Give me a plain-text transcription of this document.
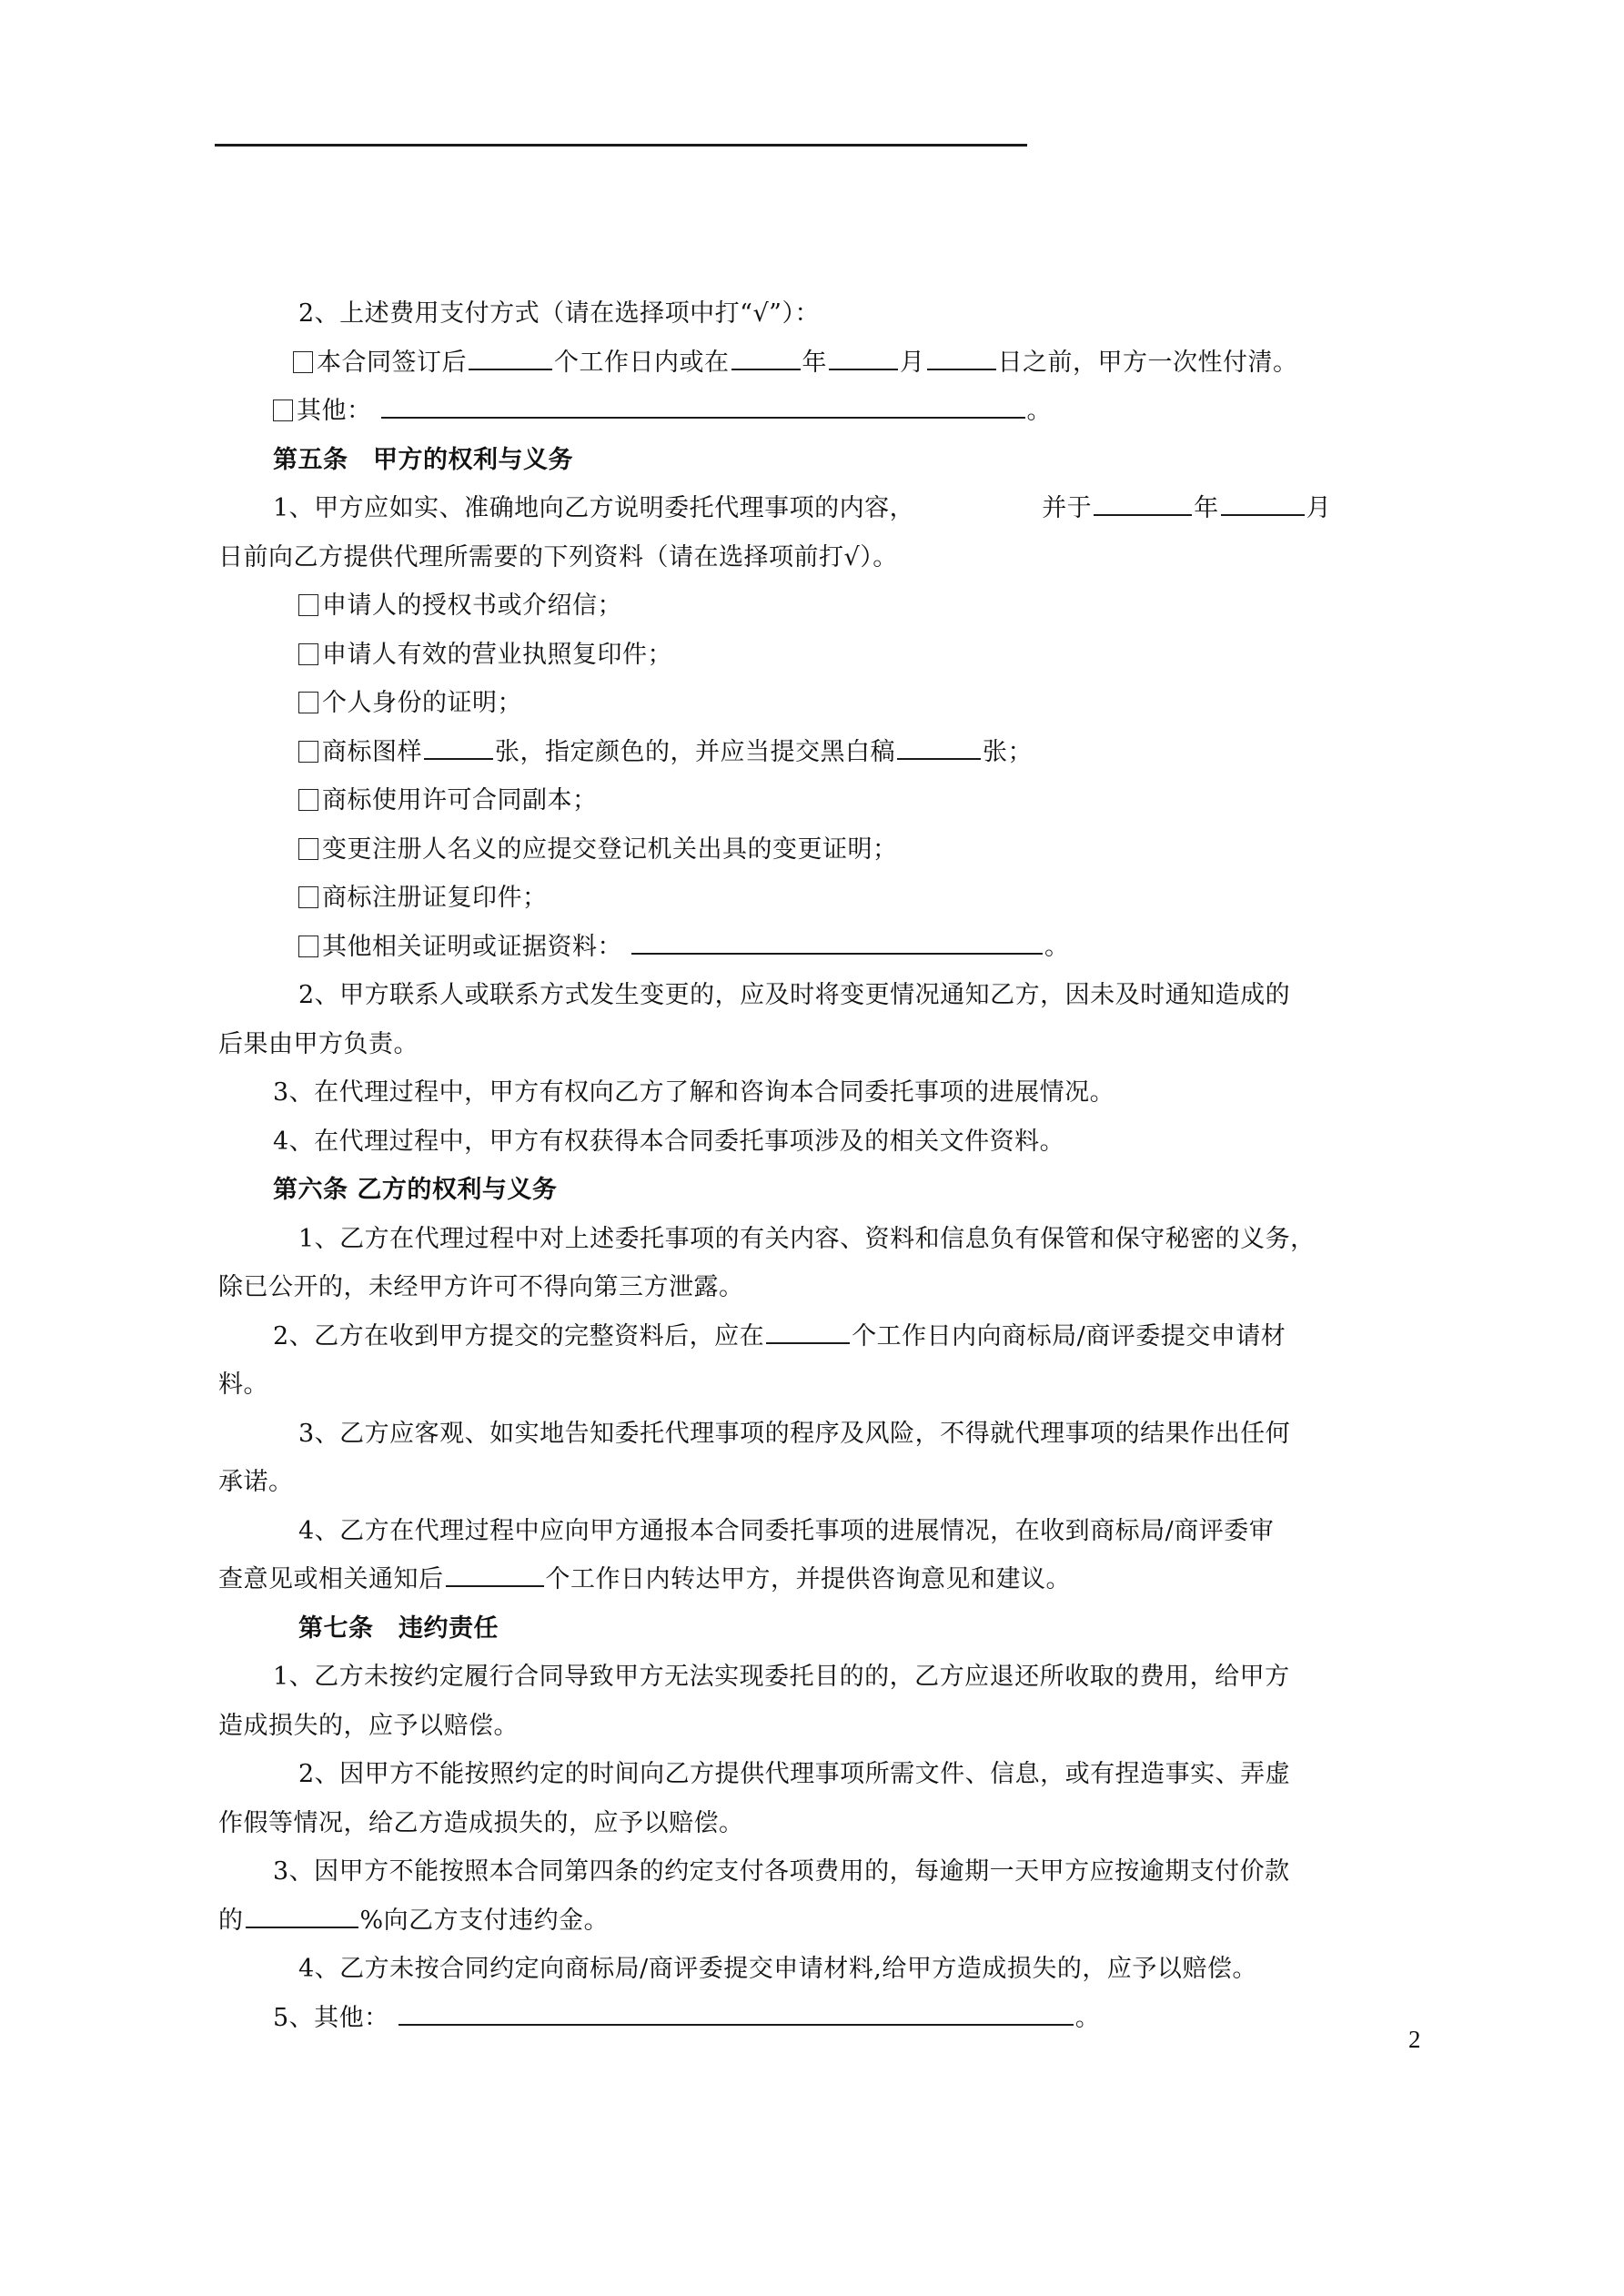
2、上述费用支付方式（请在选择项中打“√”）：
本合同签订后	个工作日内或在	年	月	日之前，甲方一次性付清。
其他：	。
第五条　甲方的权利与义务
1、甲方应如实、准确地向乙方说明委托代理事项的内容，	并于	年	月
日前向乙方提供代理所需要的下列资料（请在选择项前打√）。
申请人的授权书或介绍信；
申请人有效的营业执照复印件；
个人身份的证明；
商标图样	张，指定颜色的，并应当提交黑白稿	张；
商标使用许可合同副本；
变更注册人名义的应提交登记机关出具的变更证明；
商标注册证复印件；
其他相关证明或证据资料：	。
2、甲方联系人或联系方式发生变更的，应及时将变更情况通知乙方，因未及时通知造成的
后果由甲方负责。
3、在代理过程中，甲方有权向乙方了解和咨询本合同委托事项的进展情况。
4、在代理过程中，甲方有权获得本合同委托事项涉及的相关文件资料。
第六条 乙方的权利与义务
1、乙方在代理过程中对上述委托事项的有关内容、资料和信息负有保管和保守秘密的义务，
除已公开的，未经甲方许可不得向第三方泄露。
2、乙方在收到甲方提交的完整资料后，应在	个工作日内向商标局/商评委提交申请材
料。
3、乙方应客观、如实地告知委托代理事项的程序及风险，不得就代理事项的结果作出任何
承诺。
4、乙方在代理过程中应向甲方通报本合同委托事项的进展情况，在收到商标局/商评委审
查意见或相关通知后	个工作日内转达甲方，并提供咨询意见和建议。
第七条　违约责任
1、乙方未按约定履行合同导致甲方无法实现委托目的的，乙方应退还所收取的费用，给甲方
造成损失的，应予以赔偿。
2、因甲方不能按照约定的时间向乙方提供代理事项所需文件、信息，或有捏造事实、弄虚
作假等情况，给乙方造成损失的，应予以赔偿。
3、因甲方不能按照本合同第四条的约定支付各项费用的，每逾期一天甲方应按逾期支付价款
的	%向乙方支付违约金。
4、乙方未按合同约定向商标局/商评委提交申请材料,给甲方造成损失的，应予以赔偿。
5、其他：	。
2
